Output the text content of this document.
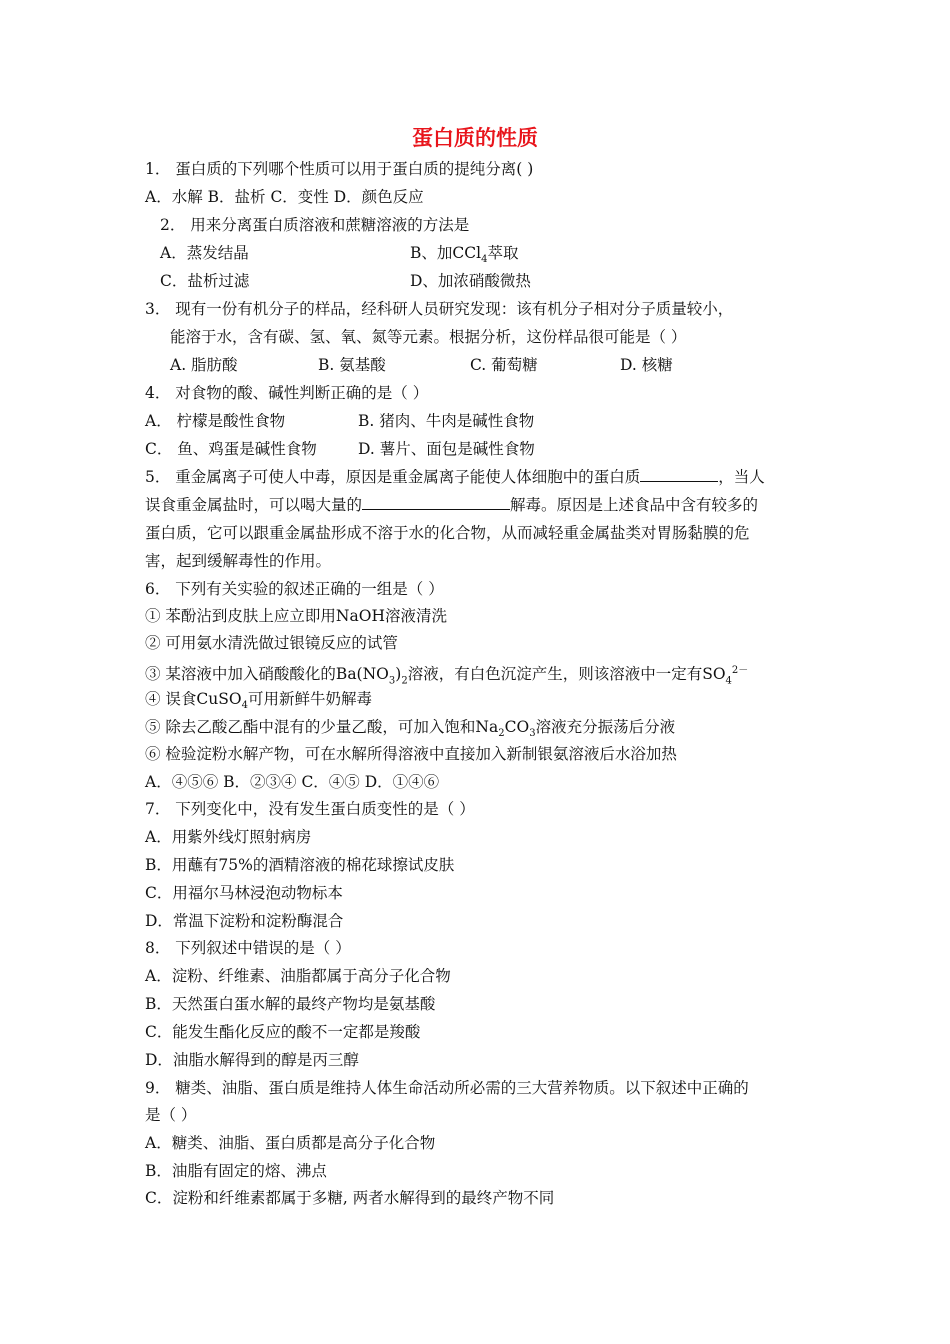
蛋白质的性质
1． 蛋白质的下列哪个性质可以用于蛋白质的提纯分离( )
A．水解 B．盐析 C．变性 D．颜色反应
2． 用来分离蛋白质溶液和蔗糖溶液的方法是
A．蒸发结晶	B、加CCl$_4$萃取
C．盐析过滤	D、加浓硝酸微热
3． 现有一份有机分子的样品，经科研人员研究发现：该有机分子相对分子质量较小，
能溶于水，含有碳、氢、氧、氮等元素。根据分析，这份样品很可能是（ ）
A. 脂肪酸	B. 氨基酸	C. 葡萄糖	D. 核糖
4． 对食物的酸、碱性判断正确的是（ ）
A． 柠檬是酸性食物	B. 猪肉、牛肉是碱性食物
C． 鱼、鸡蛋是碱性食物	D. 薯片、面包是碱性食物
5． 重金属离子可使人中毒，原因是重金属离子能使人体细胞中的蛋白质	，当人
误食重金属盐时，可以喝大量的	解毒。原因是上述食品中含有较多的
蛋白质，它可以跟重金属盐形成不溶于水的化合物，从而减轻重金属盐类对胃肠黏膜的危
害，起到缓解毒性的作用。
6． 下列有关实验的叙述正确的一组是（ ）
① 苯酚沾到皮肤上应立即用NaOH溶液清洗
② 可用氨水清洗做过银镜反应的试管
③ 某溶液中加入硝酸酸化的$Ba(NO_3)_2$溶液，有白色沉淀产生，则该溶液中一定有$SO_4^{2-}$
④ 误食CuSO$_4$可用新鲜牛奶解毒
⑤ 除去乙酸乙酯中混有的少量乙酸，可加入饱和$Na_2CO_3$溶液充分振荡后分液
⑥ 检验淀粉水解产物，可在水解所得溶液中直接加入新制银氨溶液后水浴加热
A．④⑤⑥ B．②③④ C．④⑤ D．①④⑥
7． 下列变化中，没有发生蛋白质变性的是（ ）
A．用紫外线灯照射病房
B．用蘸有75%的酒精溶液的棉花球擦试皮肤
C．用福尔马林浸泡动物标本
D．常温下淀粉和淀粉酶混合
8． 下列叙述中错误的是（ ）
A．淀粉、纤维素、油脂都属于高分子化合物
B．天然蛋白蛋水解的最终产物均是氨基酸
C．能发生酯化反应的酸不一定都是羧酸
D．油脂水解得到的醇是丙三醇
9． 糖类、油脂、蛋白质是维持人体生命活动所必需的三大营养物质。以下叙述中正确的
是（ ）
A．糖类、油脂、蛋白质都是高分子化合物
B．油脂有固定的熔、沸点
C．淀粉和纤维素都属于多糖, 两者水解得到的最终产物不同
